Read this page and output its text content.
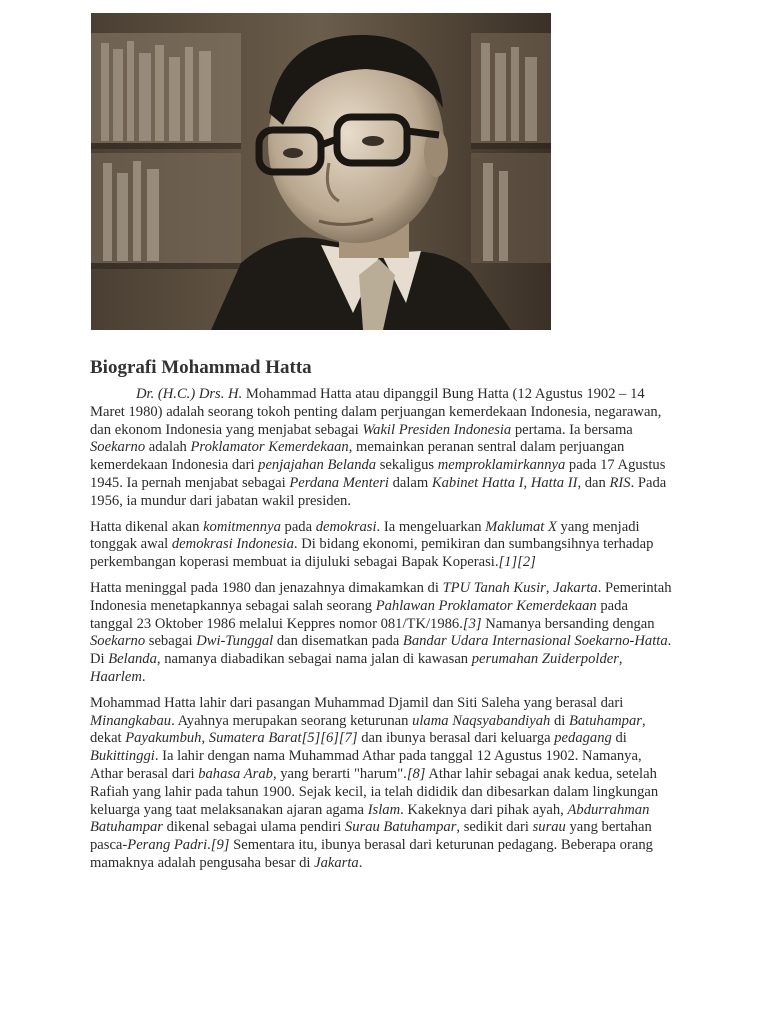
Biografi Mohammad Hatta

Dr. (H.C.) Drs. H. Mohammad Hatta atau dipanggil Bung Hatta (12 Agustus 1902 – 14 Maret 1980) adalah seorang tokoh penting dalam perjuangan kemerdekaan Indonesia, negarawan, dan ekonom Indonesia yang menjabat sebagai Wakil Presiden Indonesia pertama. Ia bersama Soekarno adalah Proklamator Kemerdekaan, memainkan peranan sentral dalam perjuangan kemerdekaan Indonesia dari penjajahan Belanda sekaligus memproklamirkannya pada 17 Agustus 1945. Ia pernah menjabat sebagai Perdana Menteri dalam Kabinet Hatta I, Hatta II, dan RIS. Pada 1956, ia mundur dari jabatan wakil presiden.

Hatta dikenal akan komitmennya pada demokrasi. Ia mengeluarkan Maklumat X yang menjadi tonggak awal demokrasi Indonesia. Di bidang ekonomi, pemikiran dan sumbangsihnya terhadap perkembangan koperasi membuat ia dijuluki sebagai Bapak Koperasi.[1][2]

Hatta meninggal pada 1980 dan jenazahnya dimakamkan di TPU Tanah Kusir, Jakarta. Pemerintah Indonesia menetapkannya sebagai salah seorang Pahlawan Proklamator Kemerdekaan pada tanggal 23 Oktober 1986 melalui Keppres nomor 081/TK/1986.[3] Namanya bersanding dengan Soekarno sebagai Dwi-Tunggal dan disematkan pada Bandar Udara Internasional Soekarno-Hatta. Di Belanda, namanya diabadikan sebagai nama jalan di kawasan perumahan Zuiderpolder, Haarlem.

Mohammad Hatta lahir dari pasangan Muhammad Djamil dan Siti Saleha yang berasal dari Minangkabau. Ayahnya merupakan seorang keturunan ulama Naqsyabandiyah di Batuhampar, dekat Payakumbuh, Sumatera Barat[5][6][7] dan ibunya berasal dari keluarga pedagang di Bukittinggi. Ia lahir dengan nama Muhammad Athar pada tanggal 12 Agustus 1902. Namanya, Athar berasal dari bahasa Arab, yang berarti "harum".[8] Athar lahir sebagai anak kedua, setelah Rafiah yang lahir pada tahun 1900. Sejak kecil, ia telah dididik dan dibesarkan dalam lingkungan keluarga yang taat melaksanakan ajaran agama Islam. Kakeknya dari pihak ayah, Abdurrahman Batuhampar dikenal sebagai ulama pendiri Surau Batuhampar, sedikit dari surau yang bertahan pasca-Perang Padri.[9] Sementara itu, ibunya berasal dari keturunan pedagang. Beberapa orang mamaknya adalah pengusaha besar di Jakarta.
